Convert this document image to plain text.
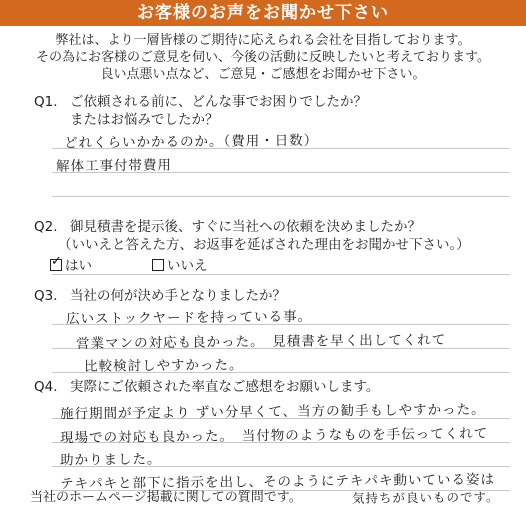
お客様のお声をお聞かせ下さい
弊社は、より一層皆様のご期待に応えられる会社を目指しております。
その為にお客様のご意見を伺い、今後の活動に反映したいと考えております。
良い点悪い点など、ご意見・ご感想をお聞かせ下さい。
Q1. ご依頼される前に、どんな事でお困りでしたか？
またはお悩みでしたか？
どれくらいかかるのか。（費用・日数）
解体工事付帯費用
Q2. 御見積書を提示後、すぐに当社への依頼を決めましたか？
（いいえと答えた方、お返事を延ばされた理由をお聞かせ下さい。）
✓ はい	いいえ
Q3. 当社の何が決め手となりましたか？
広いストックヤードを持っている事。
営業マンの対応も良かった。　見積書を早く出してくれて
比較検討しやすかった。
Q4. 実際にご依頼された率直なご感想をお願いします。
施行期間が予定より ずい分早くて、当方の勧手もしやすかった。
現場での対応も良かった。　当付物のようなものを手伝ってくれて
助かりました。
テキパキと部下に指示を出し、そのようにテキパキ動いている姿は
気持ちが良いものです。
当社のホームページ掲載に関しての質問です。
